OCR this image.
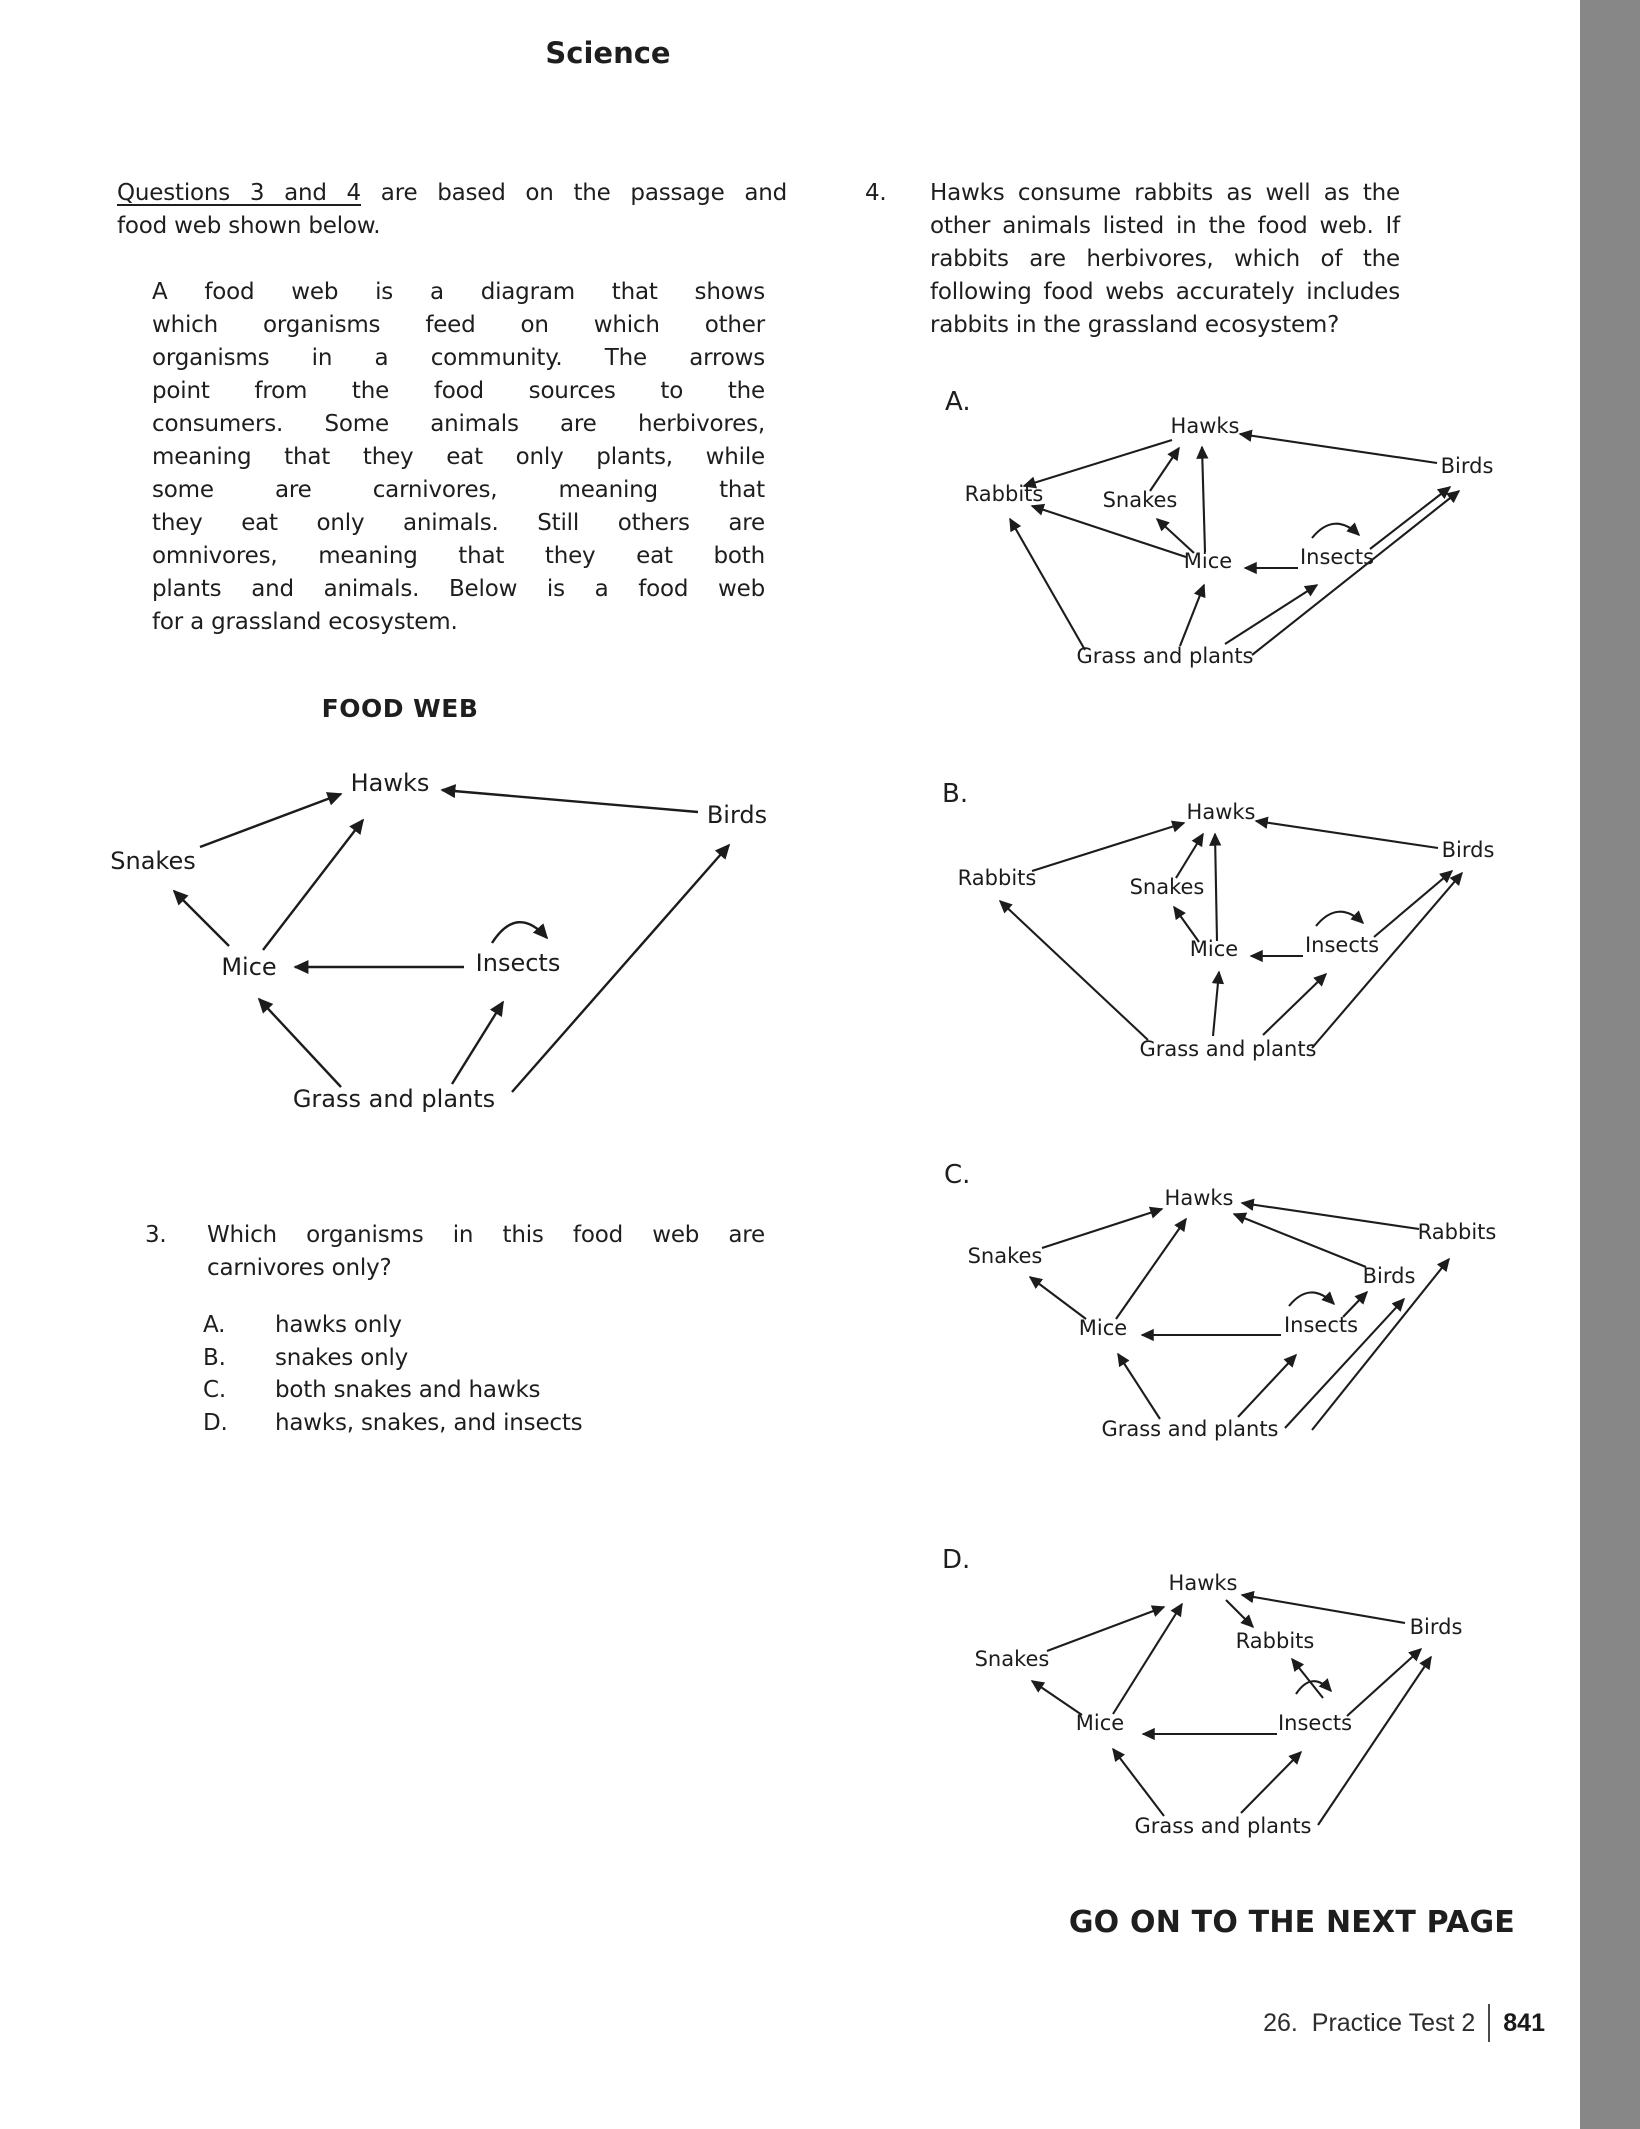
Science
Questions 3 and 4 are based on the passage and
food web shown below.
A food web is a diagram that shows
which organisms feed on which other
organisms in a community. The arrows
point from the food sources to the
consumers. Some animals are herbivores,
meaning that they eat only plants, while
some are carnivores, meaning that
they eat only animals. Still others are
omnivores, meaning that they eat both
plants and animals. Below is a food web
for a grassland ecosystem.
FOOD WEB
3. Which organisms in this food web are
carnivores only?
A.	hawks only
B.	snakes only
C.	both snakes and hawks
D.	hawks, snakes, and insects
4. Hawks consume rabbits as well as the
other animals listed in the food web. If
rabbits are herbivores, which of the
following food webs accurately includes
rabbits in the grassland ecosystem?
GO ON TO THE NEXT PAGE
26.  Practice Test 2 841
Hawks
Birds
Snakes
Mice	Insects
Grass and plants
Hawks
Birds
Rabbits	Snakes
Mice	Insects
Grass and plants
A.
Hawks
Birds
Rabbits	Snakes
Mice	Insects
Grass and plants
B.
Hawks
Rabbits
Snakes
Birds
Mice	Insects
Grass and plants
C.
Hawks
Birds
Rabbits
Snakes
Mice	Insects
Grass and plants
D.
